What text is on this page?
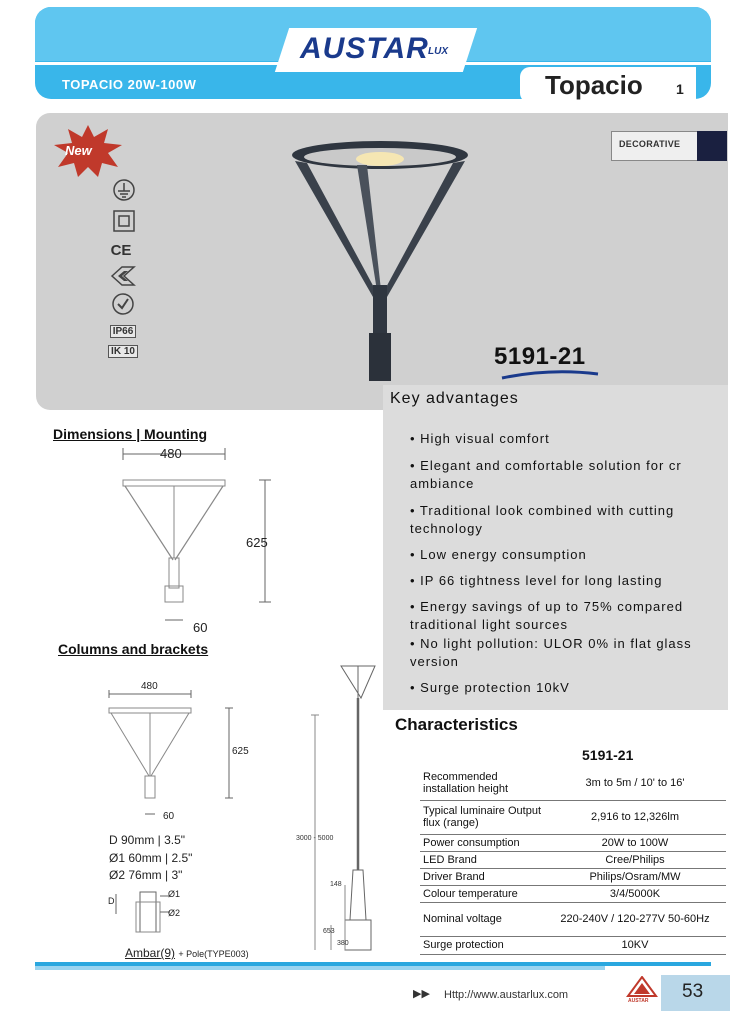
AUSTAR LUX
TOPACIO 20W-100W	Topacio 1
New	DECORATIVE
CE
IP66
IK 10	5191-21
Key advantages
• High visual comfort
• Elegant and comfortable solution for cr ambiance
• Traditional look combined with cutting technology
• Low energy consumption
• IP 66 tightness level for long lasting
• Energy savings of up to 75% compared traditional light sources
• No light pollution: ULOR 0% in flat glass version
• Surge protection 10kV
Dimensions | Mounting
480
625
60
Columns and brackets
480
625
60
D 90mm | 3.5"
Ø1 60mm | 2.5"
Ø2 76mm | 3"
D
Ø1
Ø2
Ambar(9) + Pole(TYPE003)
3000 - 5000
148
653
380
Characteristics
5191-21
Recommended installation height	3m to 5m / 10' to 16'
Typical luminaire Output flux (range)	2,916 to 12,326lm
Power consumption	20W to 100W
LED Brand	Cree/Philips
Driver Brand	Philips/Osram/MW
Colour temperature	3/4/5000K
Nominal voltage	220-240V / 120-277V 50-60Hz
Surge protection	10KV
▶▶ Http://www.austarlux.com	AUSTAR 53
